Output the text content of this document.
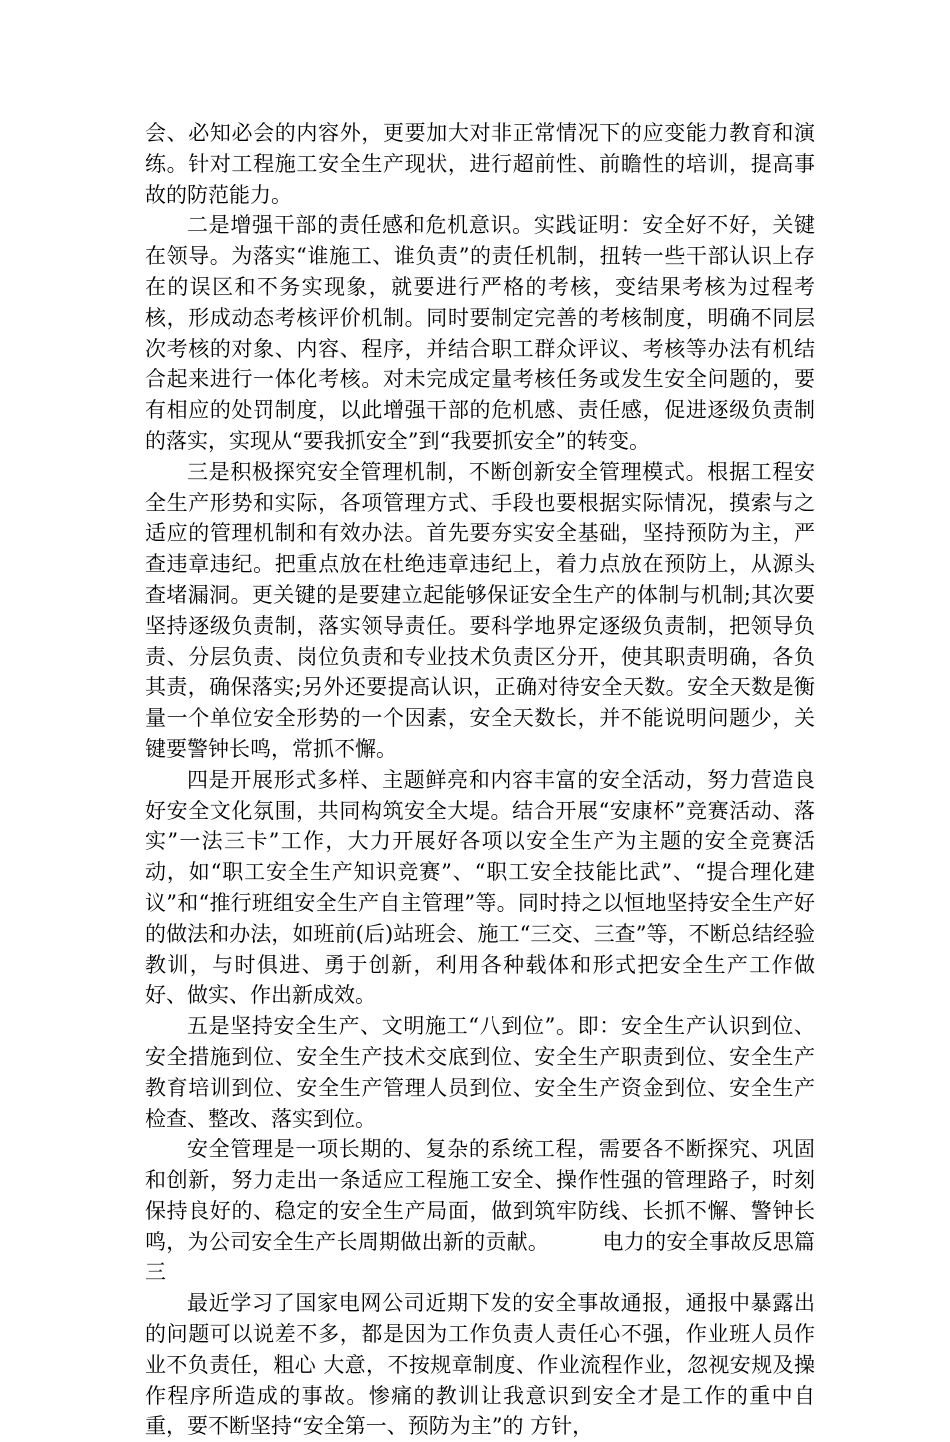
会、必知必会的内容外，更要加大对非正常情况下的应变能力教育和演练。针对工程施工安全生产现状，进行超前性、前瞻性的培训，提高事故的防范能力。

二是增强干部的责任感和危机意识。实践证明：安全好不好，关键在领导。为落实“谁施工、谁负责”的责任机制，扭转一些干部认识上存在的误区和不务实现象，就要进行严格的考核，变结果考核为过程考核，形成动态考核评价机制。同时要制定完善的考核制度，明确不同层次考核的对象、内容、程序，并结合职工群众评议、考核等办法有机结合起来进行一体化考核。对未完成定量考核任务或发生安全问题的，要有相应的处罚制度，以此增强干部的危机感、责任感，促进逐级负责制的落实，实现从“要我抓安全”到“我要抓安全”的转变。

三是积极探究安全管理机制，不断创新安全管理模式。根据工程安全生产形势和实际，各项管理方式、手段也要根据实际情况，摸索与之适应的管理机制和有效办法。首先要夯实安全基础，坚持预防为主，严查违章违纪。把重点放在杜绝违章违纪上，着力点放在预防上，从源头查堵漏洞。更关键的是要建立起能够保证安全生产的体制与机制;其次要坚持逐级负责制，落实领导责任。要科学地界定逐级负责制，把领导负责、分层负责、岗位负责和专业技术负责区分开，使其职责明确，各负其责，确保落实;另外还要提高认识，正确对待安全天数。安全天数是衡量一个单位安全形势的一个因素，安全天数长，并不能说明问题少，关键要警钟长鸣，常抓不懈。

四是开展形式多样、主题鲜亮和内容丰富的安全活动，努力营造良好安全文化氛围，共同构筑安全大堤。结合开展“安康杯”竞赛活动、落实”一法三卡”工作，大力开展好各项以安全生产为主题的安全竞赛活动，如“职工安全生产知识竞赛”、“职工安全技能比武”、“提合理化建议”和“推行班组安全生产自主管理”等。同时持之以恒地坚持安全生产好的做法和办法，如班前(后)站班会、施工“三交、三查”等，不断总结经验教训，与时俱进、勇于创新，利用各种载体和形式把安全生产工作做好、做实、作出新成效。

五是坚持安全生产、文明施工“八到位”。即：安全生产认识到位、安全措施到位、安全生产技术交底到位、安全生产职责到位、安全生产教育培训到位、安全生产管理人员到位、安全生产资金到位、安全生产检查、整改、落实到位。

安全管理是一项长期的、复杂的系统工程，需要各不断探究、巩固和创新，努力走出一条适应工程施工安全、操作性强的管理路子，时刻保持良好的、稳定的安全生产局面，做到筑牢防线、长抓不懈、警钟长鸣，为公司安全生产长周期做出新的贡献。　　　电力的安全事故反思篇三

最近学习了国家电网公司近期下发的安全事故通报，通报中暴露出的问题可以说差不多，都是因为工作负责人责任心不强，作业班人员作业不负责任，粗心 大意，不按规章制度、作业流程作业，忽视安规及操作程序所造成的事故。惨痛的教训让我意识到安全才是工作的重中自重，要不断坚持“安全第一、预防为主”的 方针，
